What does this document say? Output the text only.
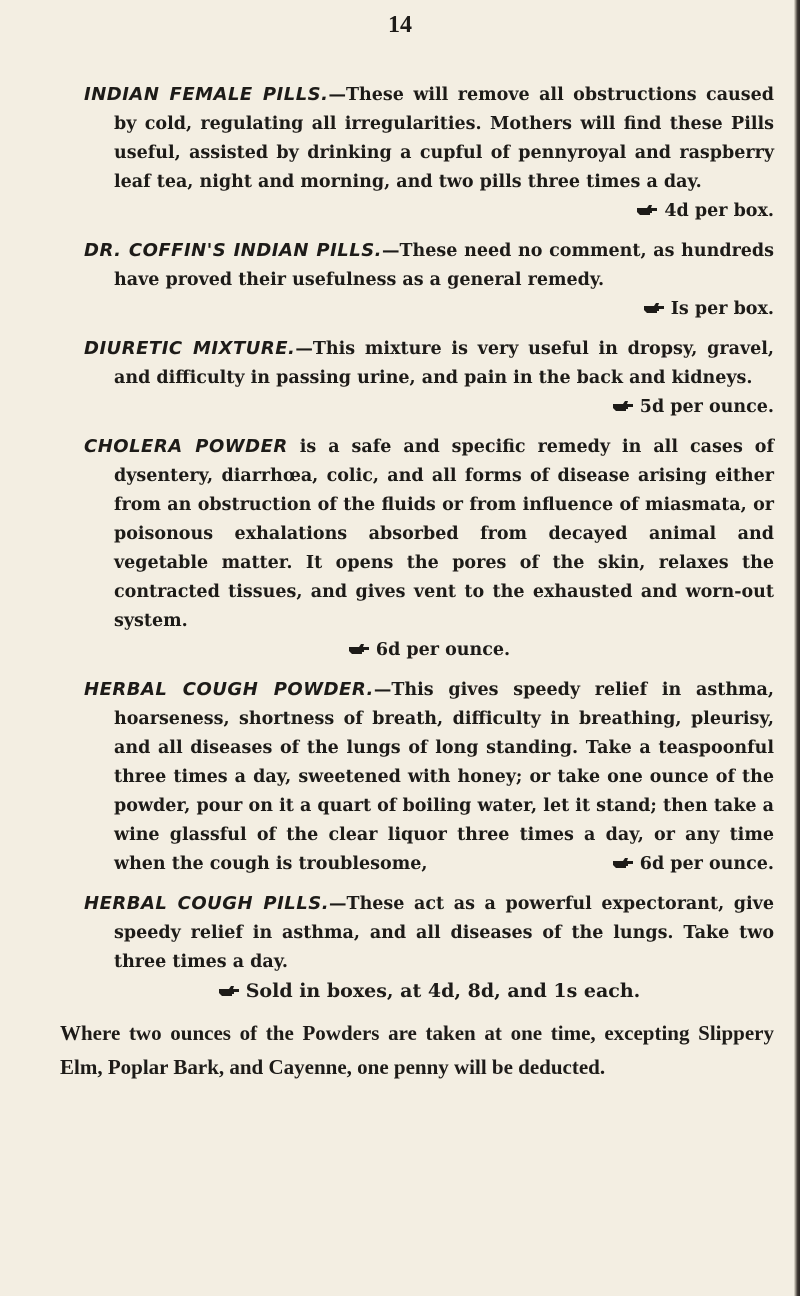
14
INDIAN FEMALE PILLS.—These will remove all obstructions caused by cold, regulating all irregularities. Mothers will find these Pills useful, assisted by drinking a cupful of pennyroyal and raspberry leaf tea, night and morning, and two pills three times a day.
4d per box.
DR. COFFIN'S INDIAN PILLS.—These need no comment, as hundreds have proved their usefulness as a general remedy.
Is per box.
DIURETIC MIXTURE.—This mixture is very useful in dropsy, gravel, and difficulty in passing urine, and pain in the back and kidneys.
5d per ounce.
CHOLERA POWDER is a safe and specific remedy in all cases of dysentery, diarrhœa, colic, and all forms of disease arising either from an obstruction of the fluids or from influence of miasmata, or poisonous exhalations absorbed from decayed animal and vegetable matter. It opens the pores of the skin, relaxes the contracted tissues, and gives vent to the exhausted and worn-out system.
6d per ounce.
HERBAL COUGH POWDER.—This gives speedy relief in asthma, hoarseness, shortness of breath, difficulty in breathing, pleurisy, and all diseases of the lungs of long standing. Take a teaspoonful three times a day, sweetened with honey; or take one ounce of the powder, pour on it a quart of boiling water, let it stand; then take a wine glassful of the clear liquor three times a day, or any time when the cough is troublesome,	6d per ounce.
HERBAL COUGH PILLS.—These act as a powerful expectorant, give speedy relief in asthma, and all diseases of the lungs. Take two three times a day.
Sold in boxes, at 4d, 8d, and 1s each.
Where two ounces of the Powders are taken at one time, excepting Slippery Elm, Poplar Bark, and Cayenne, one penny will be deducted.
